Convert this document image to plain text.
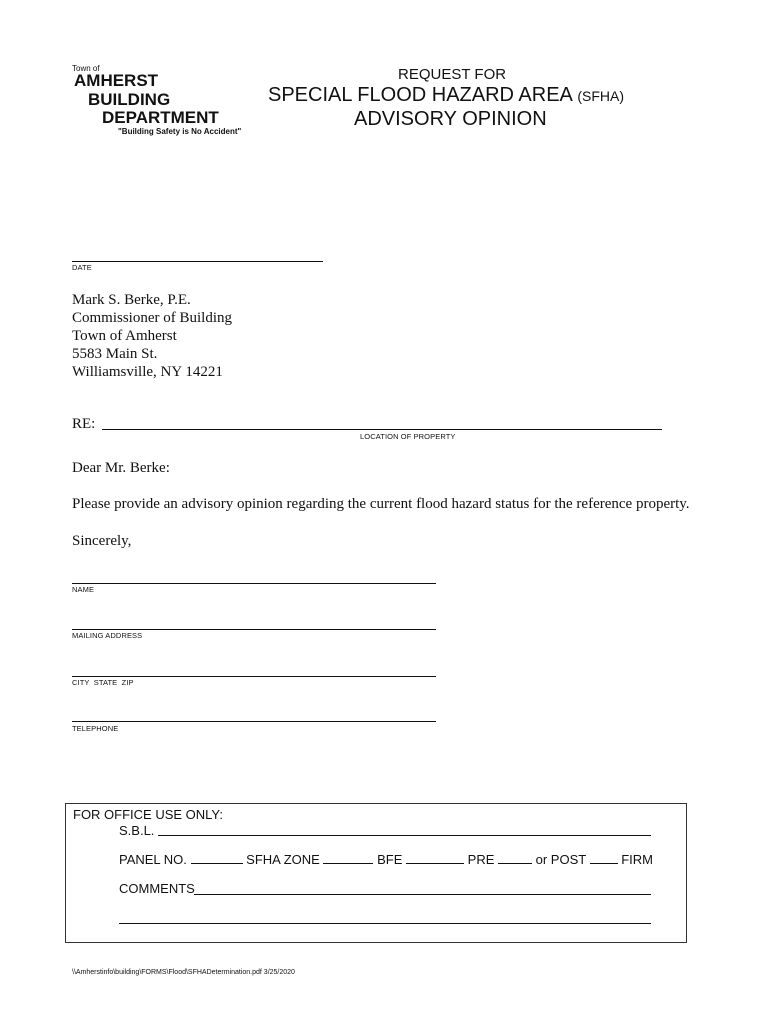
Town of
AMHERST
BUILDING
DEPARTMENT
"Building Safety is No Accident"
REQUEST FOR
SPECIAL FLOOD HAZARD AREA (SFHA)
ADVISORY OPINION
DATE
Mark S. Berke, P.E.
Commissioner of Building
Town of Amherst
5583 Main St.
Williamsville, NY 14221
RE:
LOCATION OF PROPERTY
Dear Mr. Berke:
Please provide an advisory opinion regarding the current flood hazard status for the reference property.
Sincerely,
NAME
MAILING ADDRESS
CITY  STATE  ZIP
TELEPHONE
FOR OFFICE USE ONLY:
S.B.L.
PANEL NO.	SFHA ZONE	BFE	PRE	or POST	FIRM
COMMENTS
\\Amherstinfo\building\FORMS\Flood\SFHADetermination.pdf 3/25/2020
